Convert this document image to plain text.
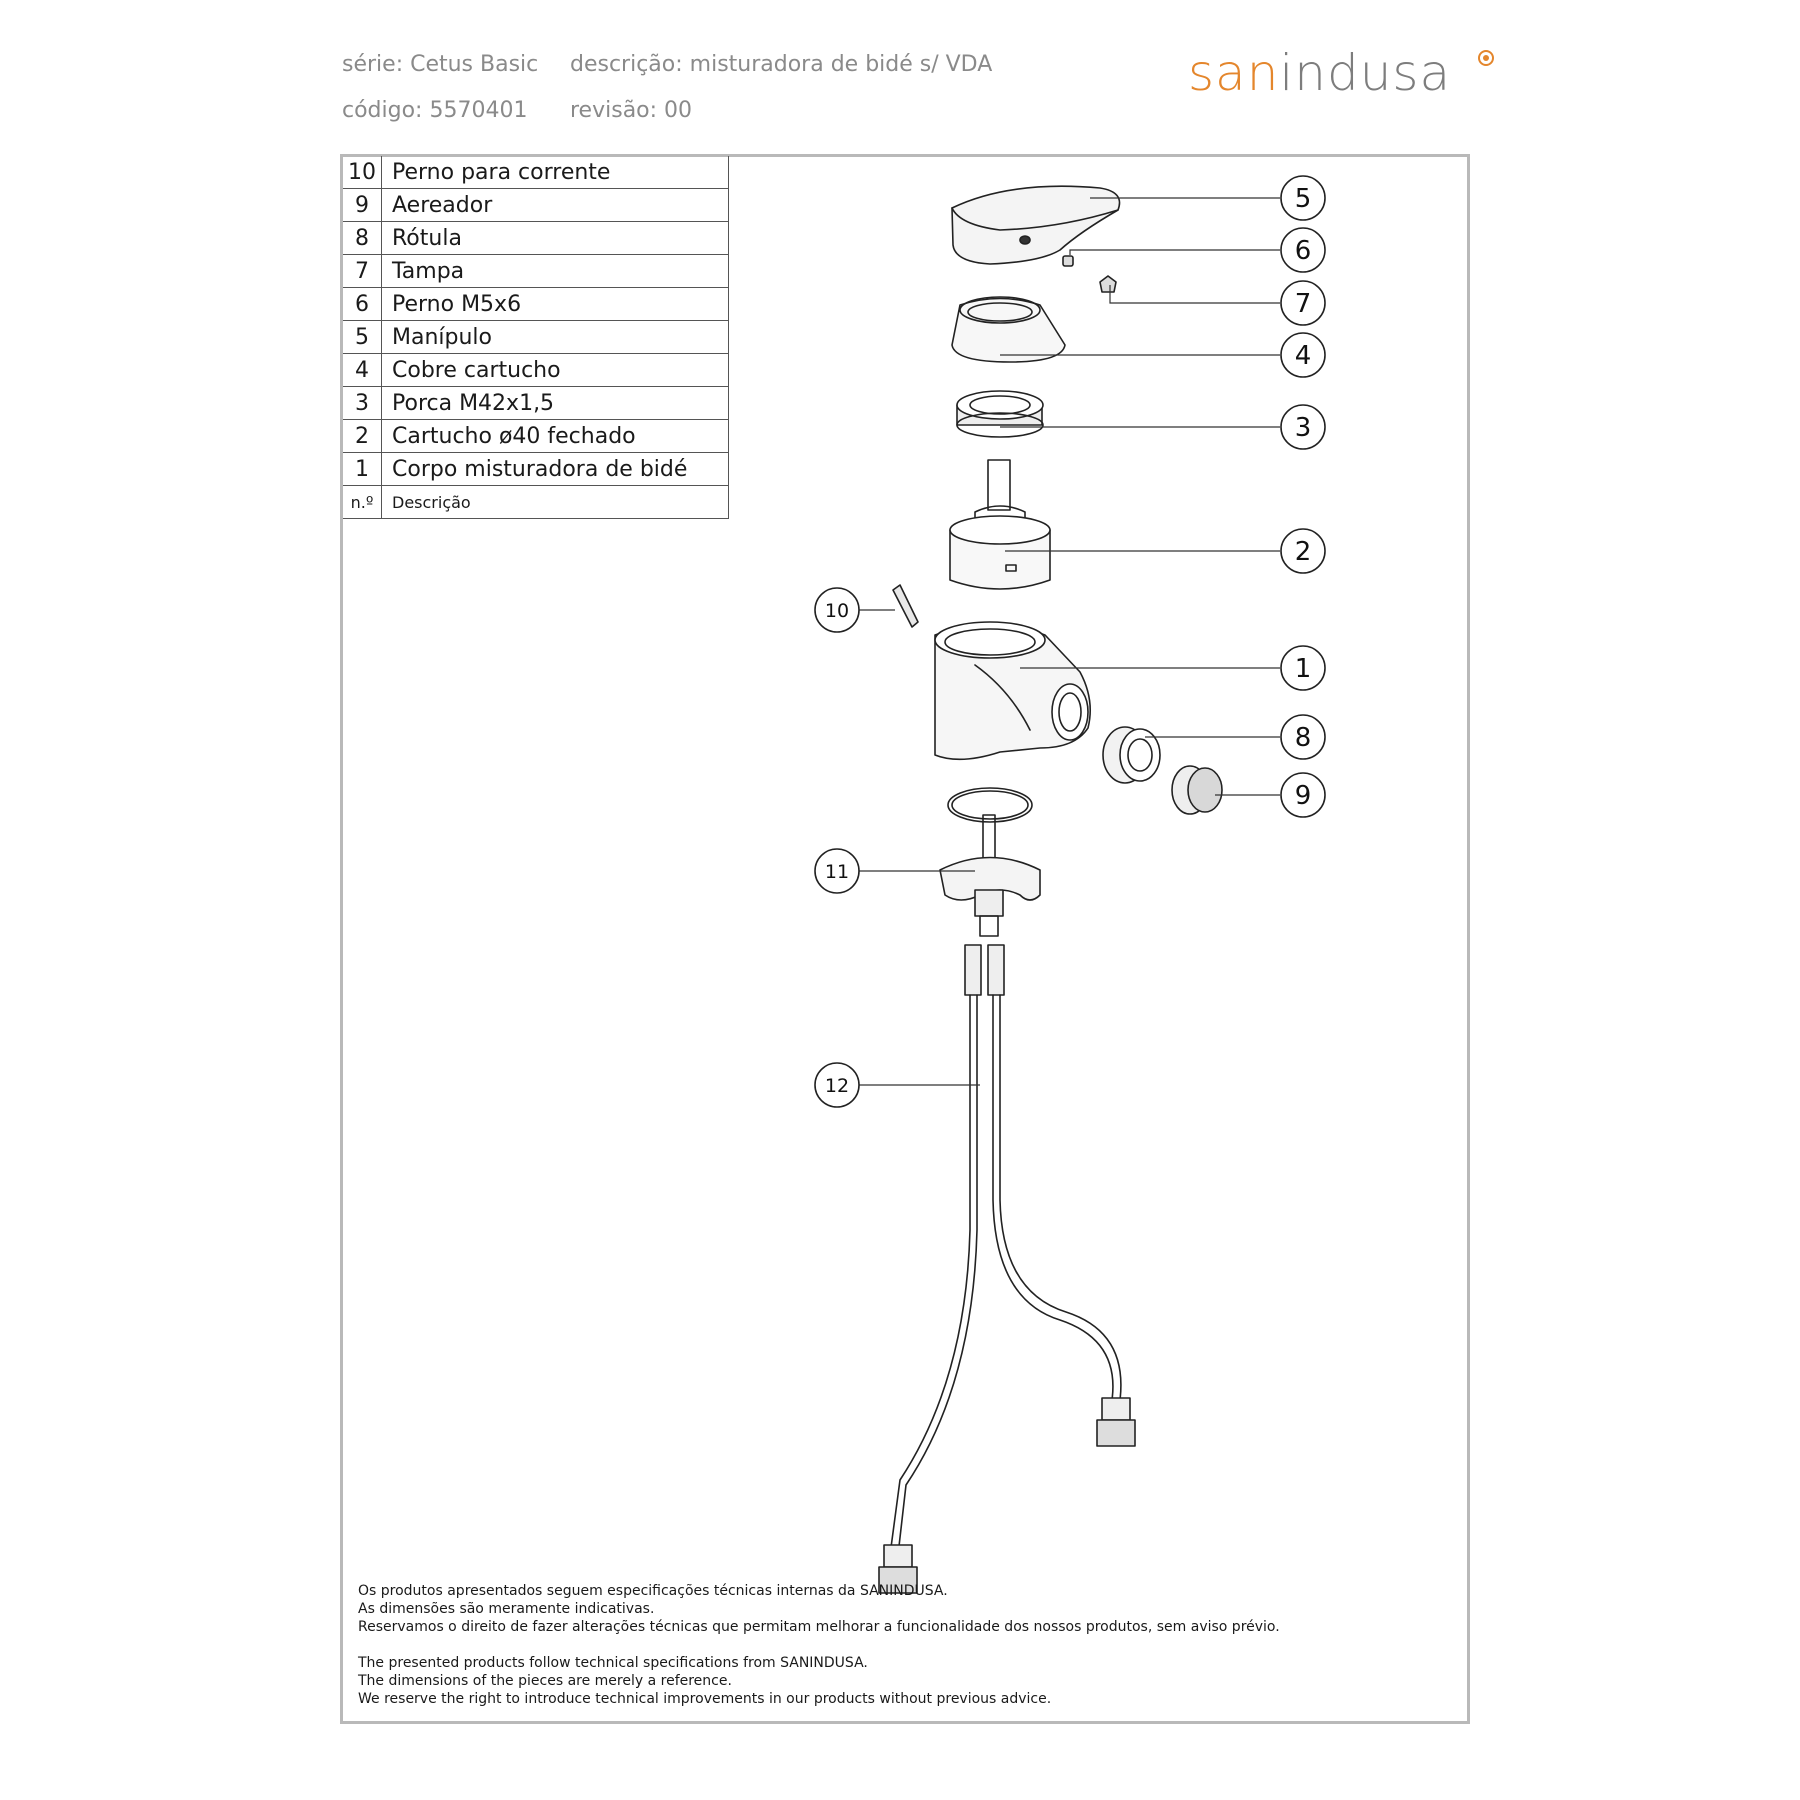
série: Cetus Basic descrição: misturadora de bidé s/ VDA
código: 5570401 revisão: 00
sanindusa
10	Perno para corrente
9	Aereador
8	Rótula
7	Tampa
6	Perno M5x6
5	Manípulo
4	Cobre cartucho
3	Porca M42x1,5
2	Cartucho ø40 fechado
1	Corpo misturadora de bidé
n.º	Descrição
5
6
7
4
3
2
1
8
9
10
11
12
Os produtos apresentados seguem especificações técnicas internas da SANINDUSA.
As dimensões são meramente indicativas.
Reservamos o direito de fazer alterações técnicas que permitam melhorar a funcionalidade dos nossos produtos, sem aviso prévio.
The presented products follow technical specifications from SANINDUSA.
The dimensions of the pieces are merely a reference.
We reserve the right to introduce technical improvements in our products without previous advice.
